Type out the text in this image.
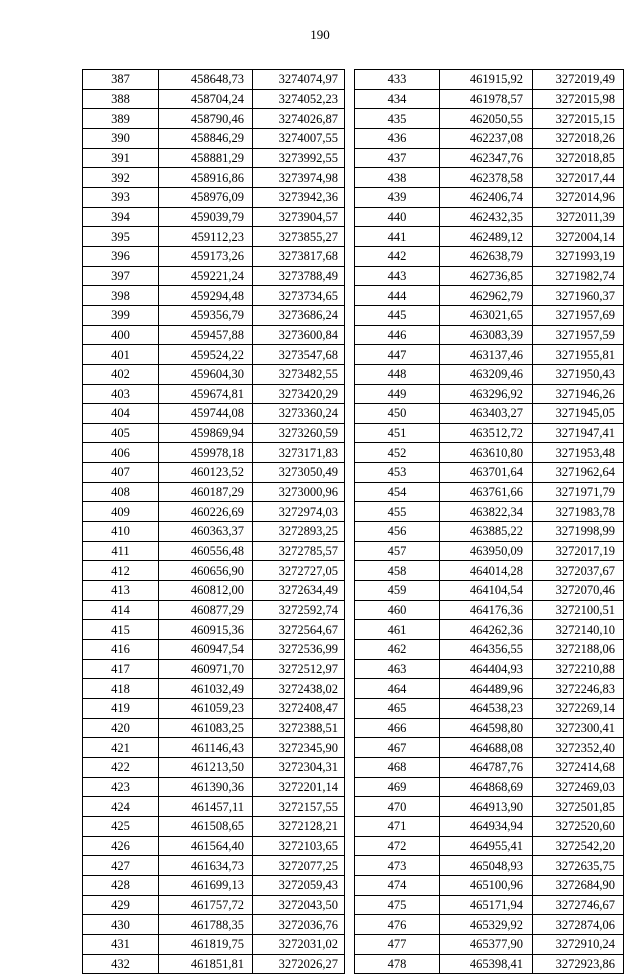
190
387	458648,73	3274074,97
388	458704,24	3274052,23
389	458790,46	3274026,87
390	458846,29	3274007,55
391	458881,29	3273992,55
392	458916,86	3273974,98
393	458976,09	3273942,36
394	459039,79	3273904,57
395	459112,23	3273855,27
396	459173,26	3273817,68
397	459221,24	3273788,49
398	459294,48	3273734,65
399	459356,79	3273686,24
400	459457,88	3273600,84
401	459524,22	3273547,68
402	459604,30	3273482,55
403	459674,81	3273420,29
404	459744,08	3273360,24
405	459869,94	3273260,59
406	459978,18	3273171,83
407	460123,52	3273050,49
408	460187,29	3273000,96
409	460226,69	3272974,03
410	460363,37	3272893,25
411	460556,48	3272785,57
412	460656,90	3272727,05
413	460812,00	3272634,49
414	460877,29	3272592,74
415	460915,36	3272564,67
416	460947,54	3272536,99
417	460971,70	3272512,97
418	461032,49	3272438,02
419	461059,23	3272408,47
420	461083,25	3272388,51
421	461146,43	3272345,90
422	461213,50	3272304,31
423	461390,36	3272201,14
424	461457,11	3272157,55
425	461508,65	3272128,21
426	461564,40	3272103,65
427	461634,73	3272077,25
428	461699,13	3272059,43
429	461757,72	3272043,50
430	461788,35	3272036,76
431	461819,75	3272031,02
432	461851,81	3272026,27
433	461915,92	3272019,49
434	461978,57	3272015,98
435	462050,55	3272015,15
436	462237,08	3272018,26
437	462347,76	3272018,85
438	462378,58	3272017,44
439	462406,74	3272014,96
440	462432,35	3272011,39
441	462489,12	3272004,14
442	462638,79	3271993,19
443	462736,85	3271982,74
444	462962,79	3271960,37
445	463021,65	3271957,69
446	463083,39	3271957,59
447	463137,46	3271955,81
448	463209,46	3271950,43
449	463296,92	3271946,26
450	463403,27	3271945,05
451	463512,72	3271947,41
452	463610,80	3271953,48
453	463701,64	3271962,64
454	463761,66	3271971,79
455	463822,34	3271983,78
456	463885,22	3271998,99
457	463950,09	3272017,19
458	464014,28	3272037,67
459	464104,54	3272070,46
460	464176,36	3272100,51
461	464262,36	3272140,10
462	464356,55	3272188,06
463	464404,93	3272210,88
464	464489,96	3272246,83
465	464538,23	3272269,14
466	464598,80	3272300,41
467	464688,08	3272352,40
468	464787,76	3272414,68
469	464868,69	3272469,03
470	464913,90	3272501,85
471	464934,94	3272520,60
472	464955,41	3272542,20
473	465048,93	3272635,75
474	465100,96	3272684,90
475	465171,94	3272746,67
476	465329,92	3272874,06
477	465377,90	3272910,24
478	465398,41	3272923,86
